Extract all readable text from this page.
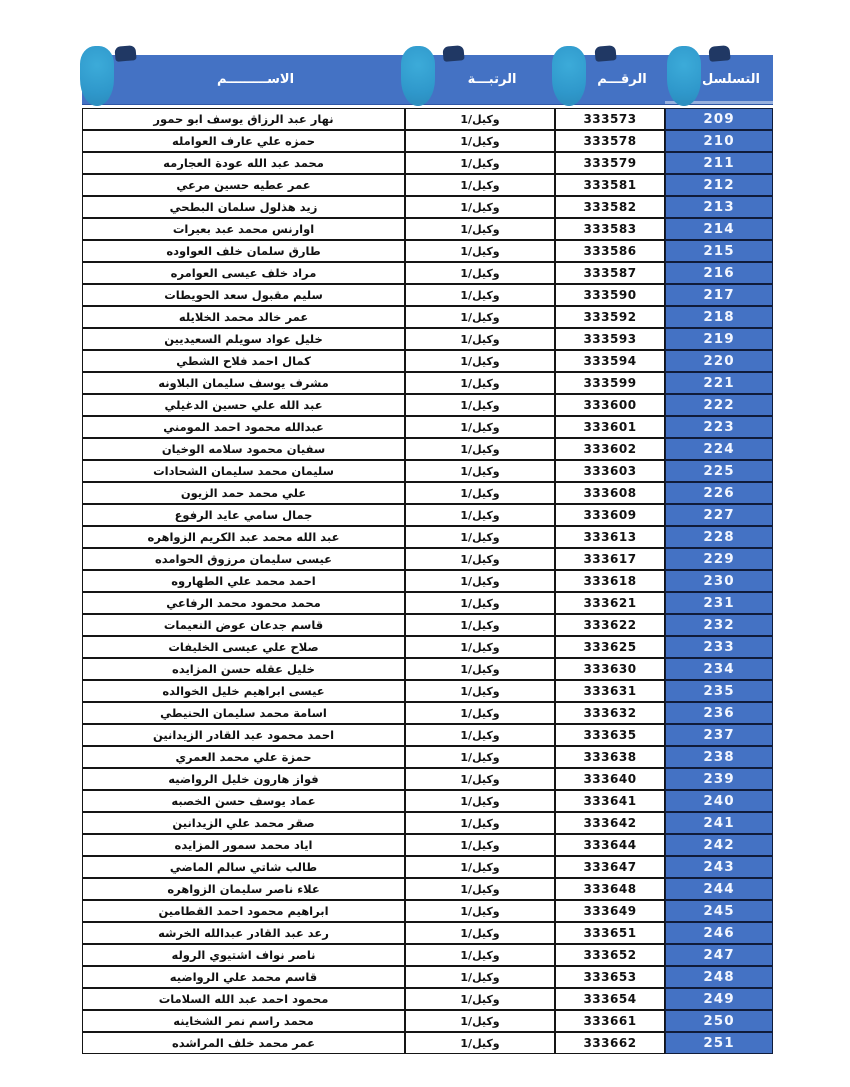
التسلسل
الرقـــم
الرتبـــة
الاســـــــــم
209
333573
وكيل/1
نهار عبد الرزاق يوسف ابو حمور
210
333578
وكيل/1
حمزه علي عارف العوامله
211
333579
وكيل/1
محمد عبد الله عودة العجارمه
212
333581
وكيل/1
عمر عطيه حسين مرعي
213
333582
وكيل/1
زيد هذلول سلمان البطحي
214
333583
وكيل/1
اوارنس محمد عبد بعيرات
215
333586
وكيل/1
طارق سلمان خلف العواوده
216
333587
وكيل/1
مراد خلف عيسى العوامره
217
333590
وكيل/1
سليم مقبول سعد الحويطات
218
333592
وكيل/1
عمر خالد محمد الخلايله
219
333593
وكيل/1
خليل عواد سويلم السعيديين
220
333594
وكيل/1
كمال احمد فلاح الشطي
221
333599
وكيل/1
مشرف يوسف سليمان البلاونه
222
333600
وكيل/1
عبد الله علي حسين الدغيلي
223
333601
وكيل/1
عبدالله محمود احمد المومني
224
333602
وكيل/1
سفيان محمود سلامه الوخيان
225
333603
وكيل/1
سليمان محمد سليمان الشحادات
226
333608
وكيل/1
علي محمد حمد الزيون
227
333609
وكيل/1
جمال سامي عايد الرفوع
228
333613
وكيل/1
عبد الله محمد عبد الكريم الزواهره
229
333617
وكيل/1
عيسى سليمان مرزوق الحوامده
230
333618
وكيل/1
احمد محمد علي الطهاروه
231
333621
وكيل/1
محمد محمود محمد الرفاعي
232
333622
وكيل/1
قاسم جدعان عوض النعيمات
233
333625
وكيل/1
صلاح علي عيسى الخليفات
234
333630
وكيل/1
خليل عقله حسن المزايده
235
333631
وكيل/1
عيسى ابراهيم خليل الخوالده
236
333632
وكيل/1
اسامة محمد سليمان الحنيطي
237
333635
وكيل/1
احمد محمود عبد القادر الزيدانين
238
333638
وكيل/1
حمزة علي محمد العمري
239
333640
وكيل/1
فواز هارون خليل الرواضيه
240
333641
وكيل/1
عماد يوسف حسن الخصبه
241
333642
وكيل/1
صقر محمد علي الزيدانين
242
333644
وكيل/1
اياد محمد سمور المزايده
243
333647
وكيل/1
طالب شاتي سالم الماضي
244
333648
وكيل/1
علاء ناصر سليمان الزواهره
245
333649
وكيل/1
ابراهيم محمود احمد القطامين
246
333651
وكيل/1
رعد عبد القادر عبدالله الخرشه
247
333652
وكيل/1
ناصر نواف اشتيوي الروله
248
333653
وكيل/1
قاسم محمد علي الرواضيه
249
333654
وكيل/1
محمود احمد عبد الله السلامات
250
333661
وكيل/1
محمد راسم نمر الشخاينه
251
333662
وكيل/1
عمر محمد خلف المراشده
